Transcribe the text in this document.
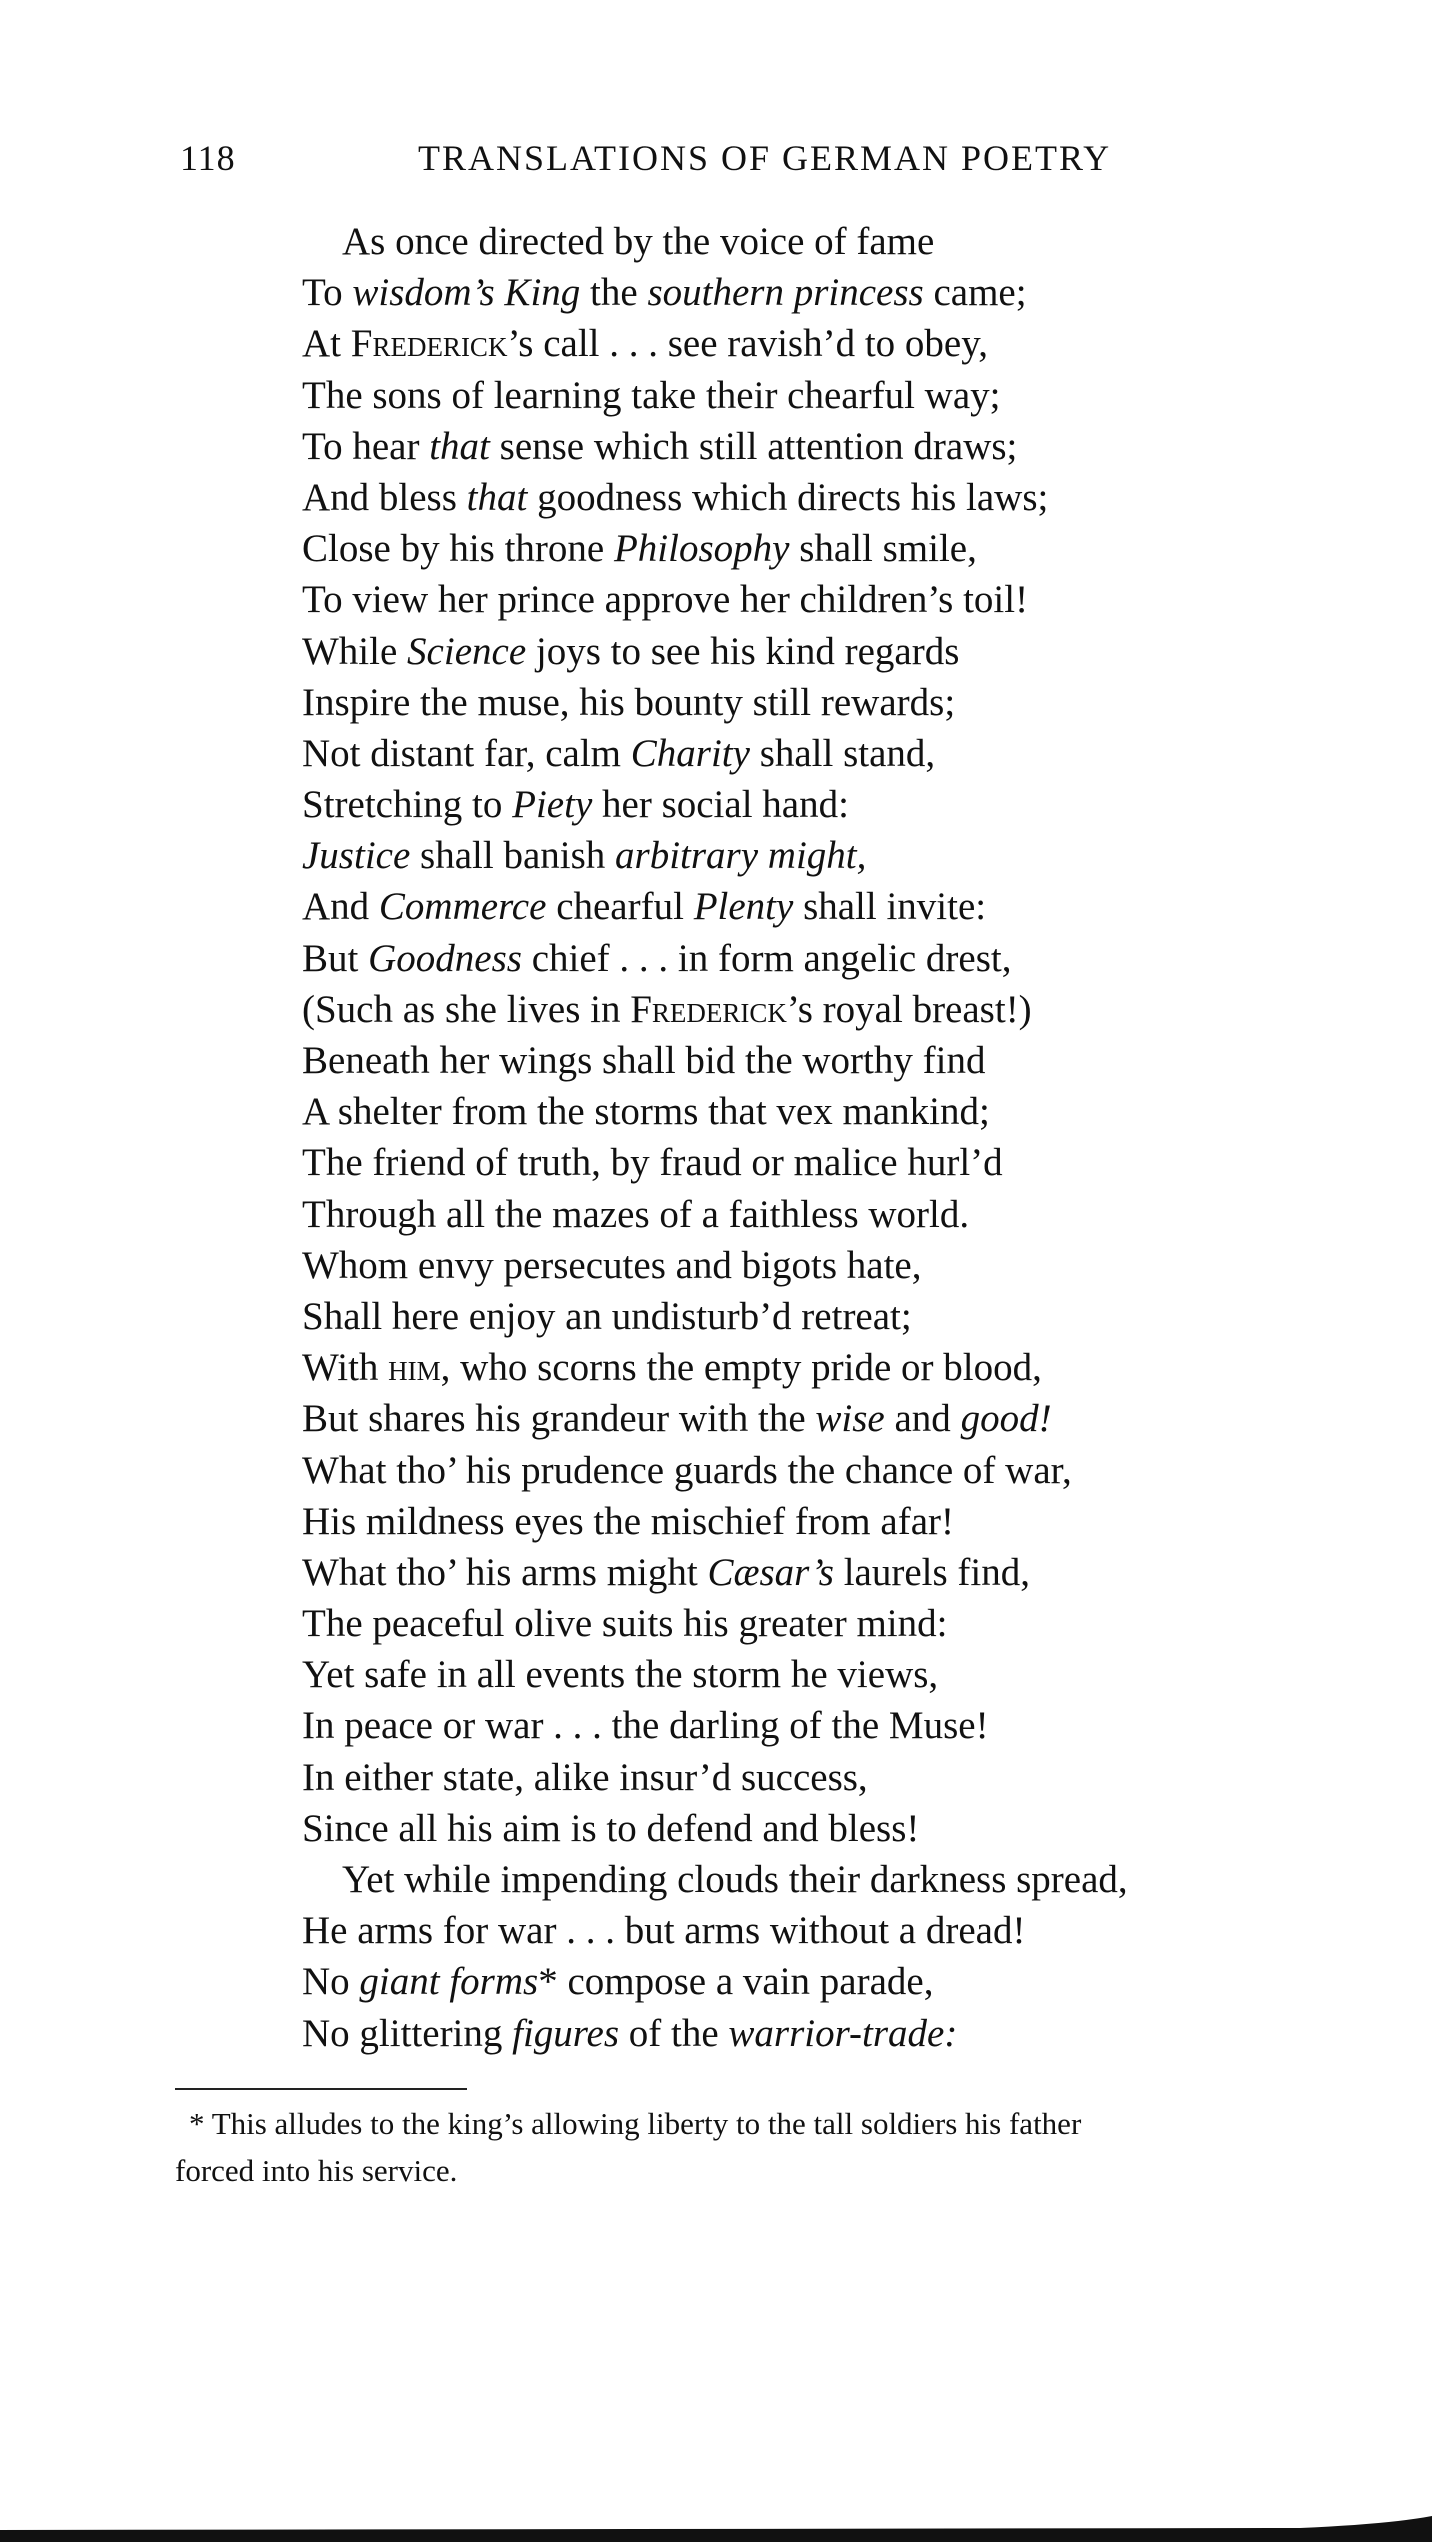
118	TRANSLATIONS OF GERMAN POETRY
As once directed by the voice of fame
To wisdom’s King the southern princess came;
At Frederick’s call . . . see ravish’d to obey,
The sons of learning take their chearful way;
To hear that sense which still attention draws;
And bless that goodness which directs his laws;
Close by his throne Philosophy shall smile,
To view her prince approve her children’s toil!
While Science joys to see his kind regards
Inspire the muse, his bounty still rewards;
Not distant far, calm Charity shall stand,
Stretching to Piety her social hand:
Justice shall banish arbitrary might,
And Commerce chearful Plenty shall invite:
But Goodness chief . . . in form angelic drest,
(Such as she lives in Frederick’s royal breast!)
Beneath her wings shall bid the worthy find
A shelter from the storms that vex mankind;
The friend of truth, by fraud or malice hurl’d
Through all the mazes of a faithless world.
Whom envy persecutes and bigots hate,
Shall here enjoy an undisturb’d retreat;
With him, who scorns the empty pride or blood,
But shares his grandeur with the wise and good!
What tho’ his prudence guards the chance of war,
His mildness eyes the mischief from afar!
What tho’ his arms might Cæsar’s laurels find,
The peaceful olive suits his greater mind:
Yet safe in all events the storm he views,
In peace or war . . . the darling of the Muse!
In either state, alike insur’d success,
Since all his aim is to defend and bless!
Yet while impending clouds their darkness spread,
He arms for war . . . but arms without a dread!
No giant forms* compose a vain parade,
No glittering figures of the warrior-trade:
* This alludes to the king’s allowing liberty to the tall soldiers his father
forced into his service.
